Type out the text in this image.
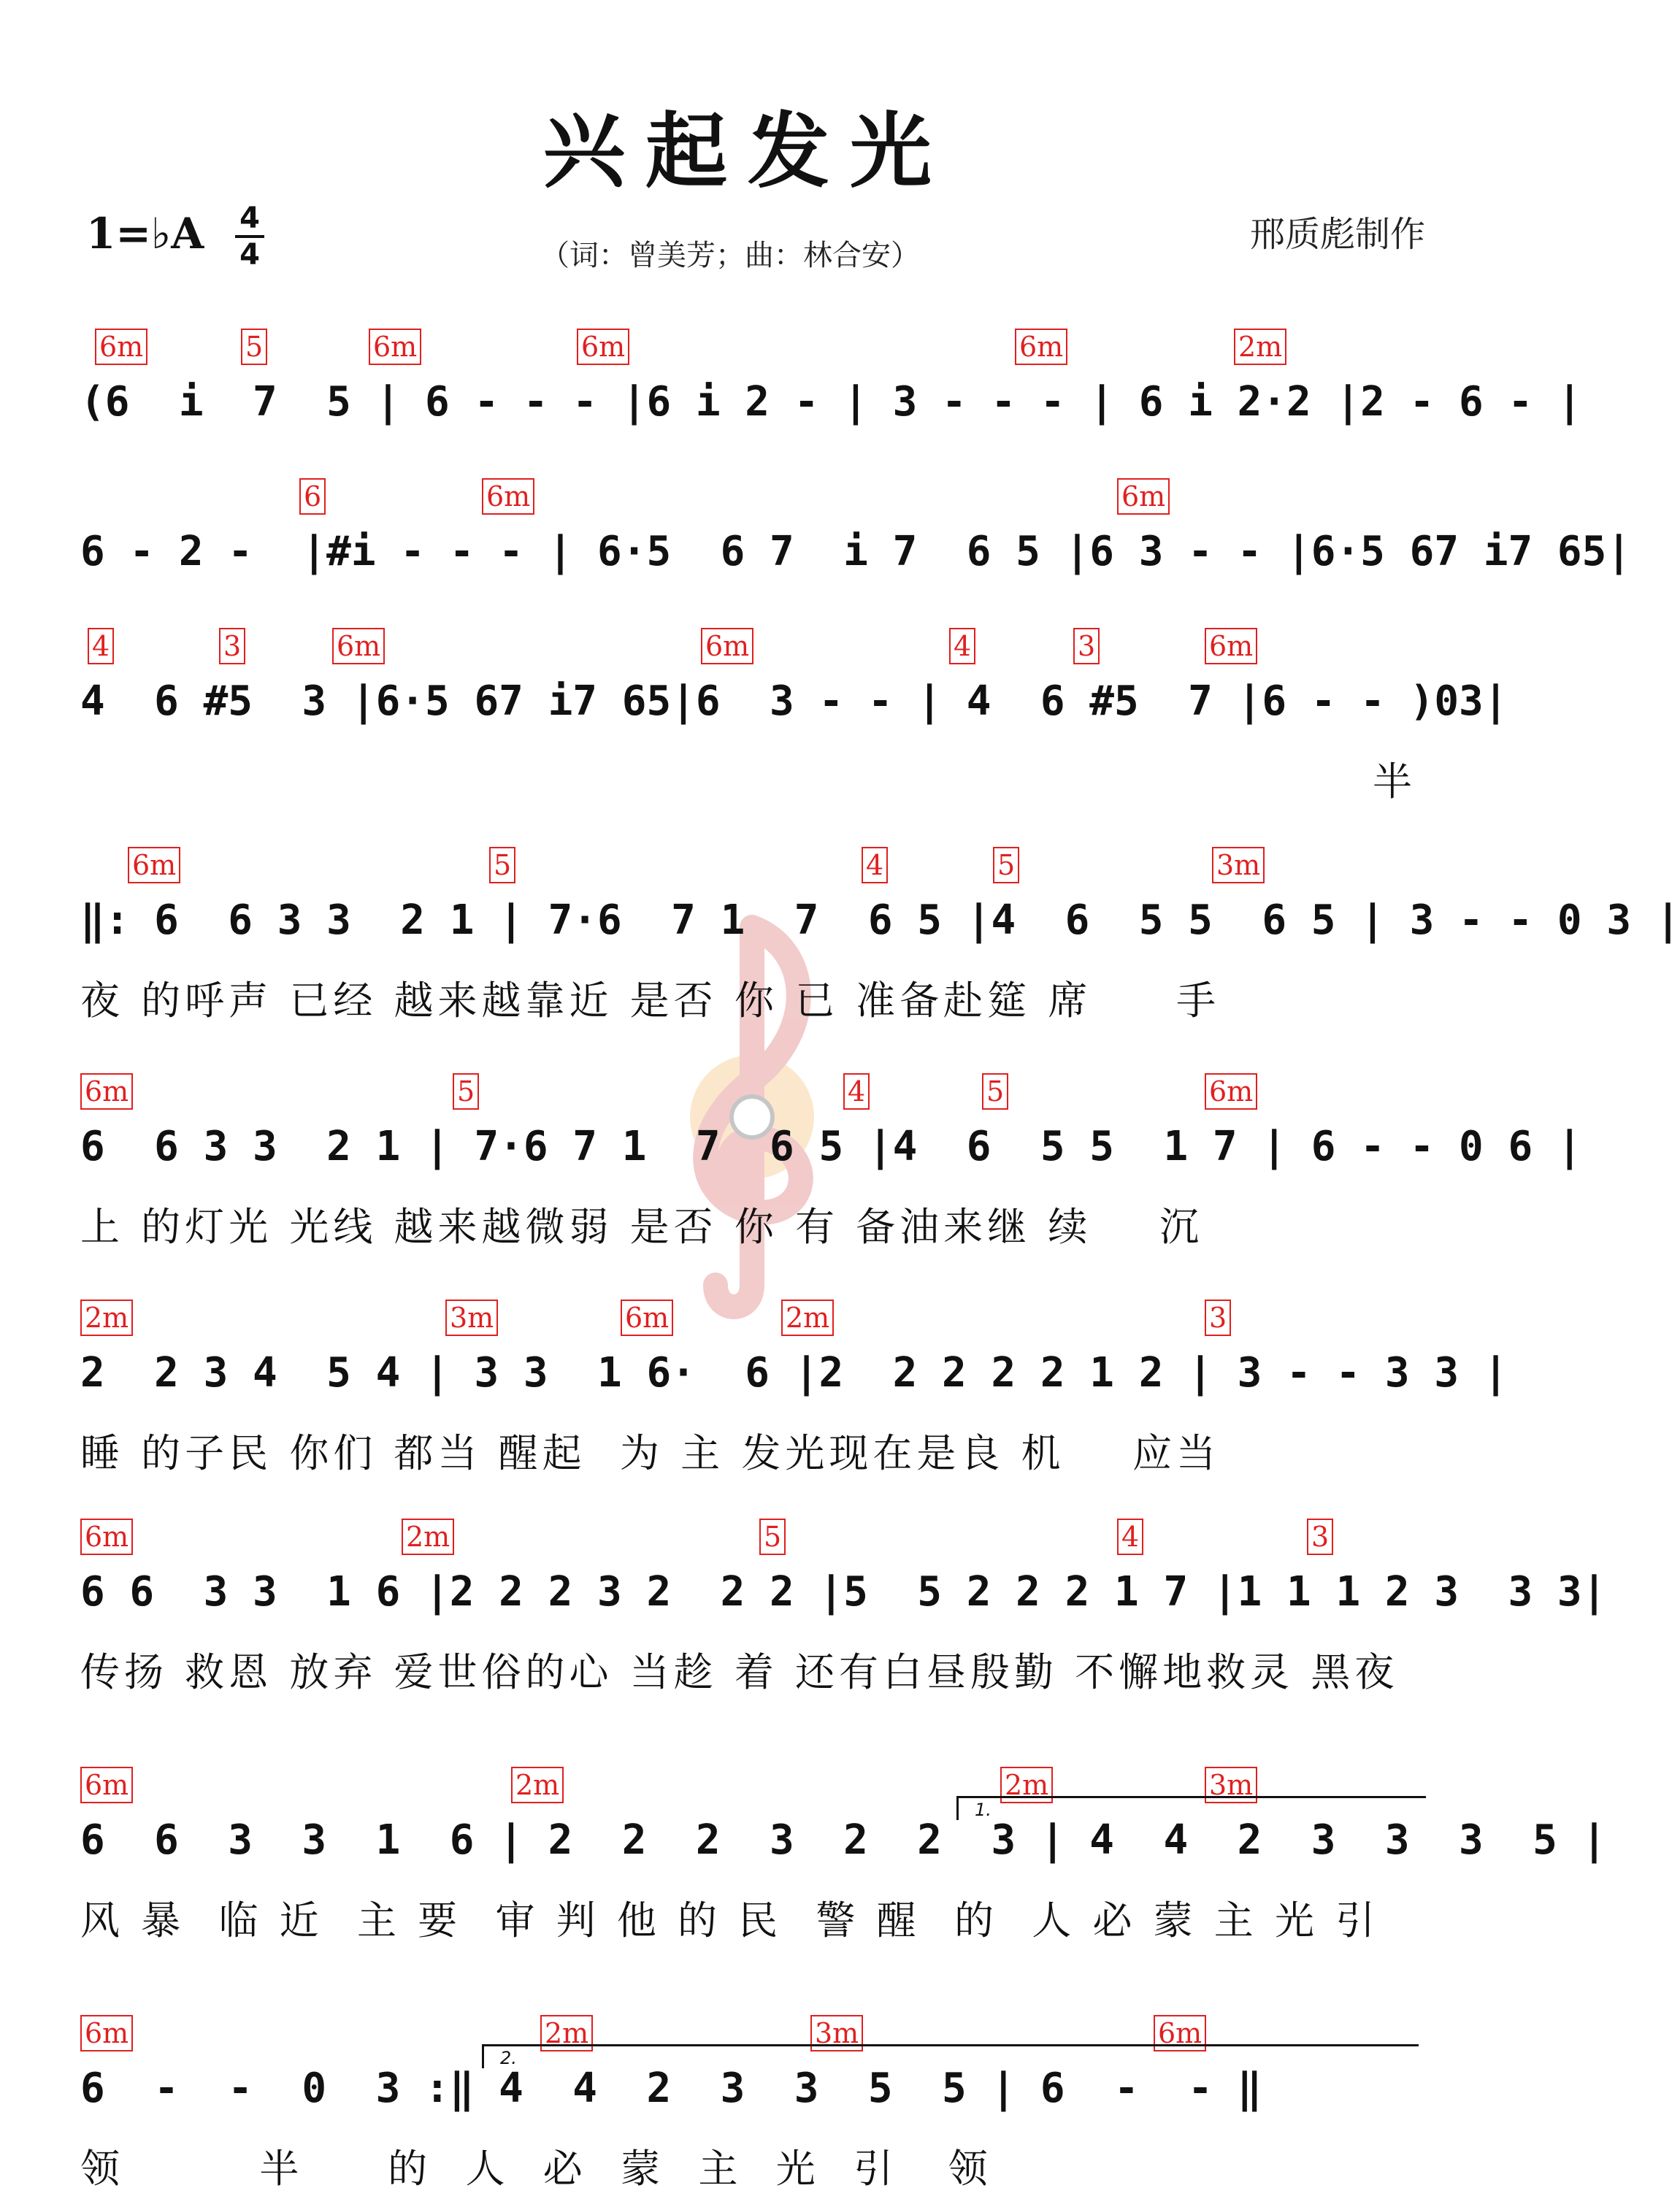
兴起发光
1=♭A 4
4	（词：曾美芳；曲：林合安）
邢质彪制作
6m	5	6m	6m	6m	2m
(6  i  7  5 | 6 - - - |6 i 2 - | 3 - - - | 6 i 2·2 |2 - 6 - |
6	6m	6m
6 - 2 -  |#i - - - | 6·5  6 7  i 7  6 5 |6 3 - - |6·5 67 i7 65|
4	3	6m	6m	4	3	6m
4  6 #5  3 |6·5 67 i7 65|6  3 - - | 4  6 #5  7 |6 - - )03|
半
6m	5	4	5	3m
‖: 6  6 3 3  2 1 | 7·6  7 1  7  6 5 |4  6  5 5  6 5 | 3 - - 0 3 |
夜 的呼声 已经 越来越靠近 是否 你 已 准备赴筵 席     手
6m	5	4	5	6m
6  6 3 3  2 1 | 7·6 7 1  7  6 5 |4  6  5 5  1 7 | 6 - - 0 6 |
上 的灯光 光线 越来越微弱 是否 你 有 备油来继 续    沉
2m	3m	6m	2m	3
2  2 3 4  5 4 | 3 3  1 6·  6 |2  2 2 2 2 1 2 | 3 - - 3 3 |
睡 的子民 你们 都当 醒起  为 主 发光现在是良 机    应当
6m	2m	5	4	3
6 6  3 3  1 6 |2 2 2 3 2  2 2 |5  5 2 2 2 1 7 |1 1 1 2 3  3 3|
传扬 救恩 放弃 爱世俗的心 当趁 着 还有白昼殷勤 不懈地救灵 黑夜
6m	2m	2m	3m
6  6  3  3  1  6 | 2  2  2  3  2  2  3 | 4  4  2  3  3  3  5 |
风 暴  临 近  主 要  审 判 他 的 民  警 醒  的  人 必 蒙 主 光 引
1.
6m	2m	3m	6m
6  -  -  0  3 :‖ 4  4  2  3  3  5  5 | 6  -  - ‖
领        半     的  人  必  蒙  主  光  引   领
2.
